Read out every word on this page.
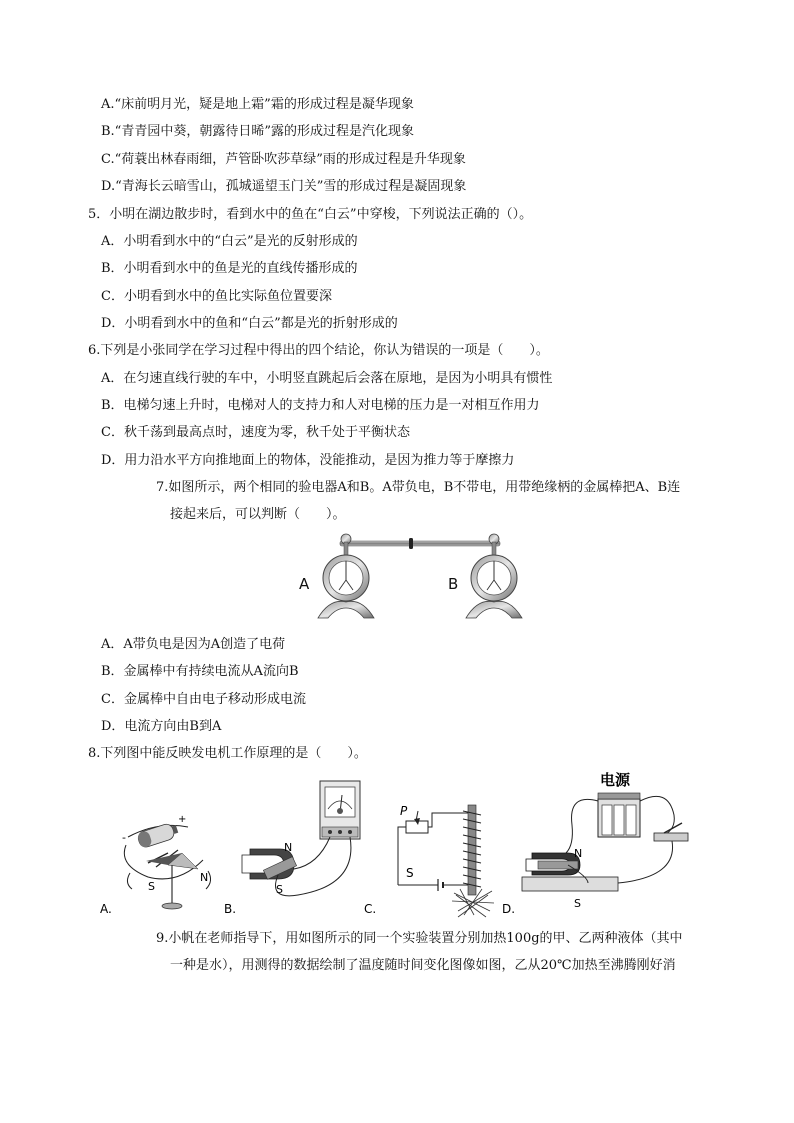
A.“床前明月光，疑是地上霜”霜的形成过程是凝华现象
B.“青青园中葵，朝露待日晞”露的形成过程是汽化现象
C.“荷蓑出林春雨细，芦管卧吹莎草绿”雨的形成过程是升华现象
D.“青海长云暗雪山，孤城遥望玉门关”雪的形成过程是凝固现象
5．小明在湖边散步时，看到水中的鱼在“白云”中穿梭，下列说法正确的（）。
A．小明看到水中的“白云”是光的反射形成的
B．小明看到水中的鱼是光的直线传播形成的
C．小明看到水中的鱼比实际鱼位置要深
D．小明看到水中的鱼和“白云”都是光的折射形成的
6.下列是小张同学在学习过程中得出的四个结论，你认为错误的一项是（　　）。
A．在匀速直线行驶的车中，小明竖直跳起后会落在原地，是因为小明具有惯性
B．电梯匀速上升时，电梯对人的支持力和人对电梯的压力是一对相互作用力
C．秋千荡到最高点时，速度为零，秋千处于平衡状态
D．用力沿水平方向推地面上的物体，没能推动，是因为推力等于摩擦力
7.如图所示，两个相同的验电器A和B。A带负电，B不带电，用带绝缘柄的金属棒把A、B连
接起来后，可以判断（　　）。
A	B
A．A带负电是因为A创造了电荷
B．金属棒中有持续电流从A流向B
C．金属棒中自由电子移动形成电流
D．电流方向由B到A
8.下列图中能反映发电机工作原理的是（　　）。
-
+
S
N
A.
N
S
B.
P
S
C.
电源
N
S
D.
9.小帆在老师指导下，用如图所示的同一个实验装置分别加热100g的甲、乙两种液体（其中
一种是水），用测得的数据绘制了温度随时间变化图像如图，乙从20℃加热至沸腾刚好消
